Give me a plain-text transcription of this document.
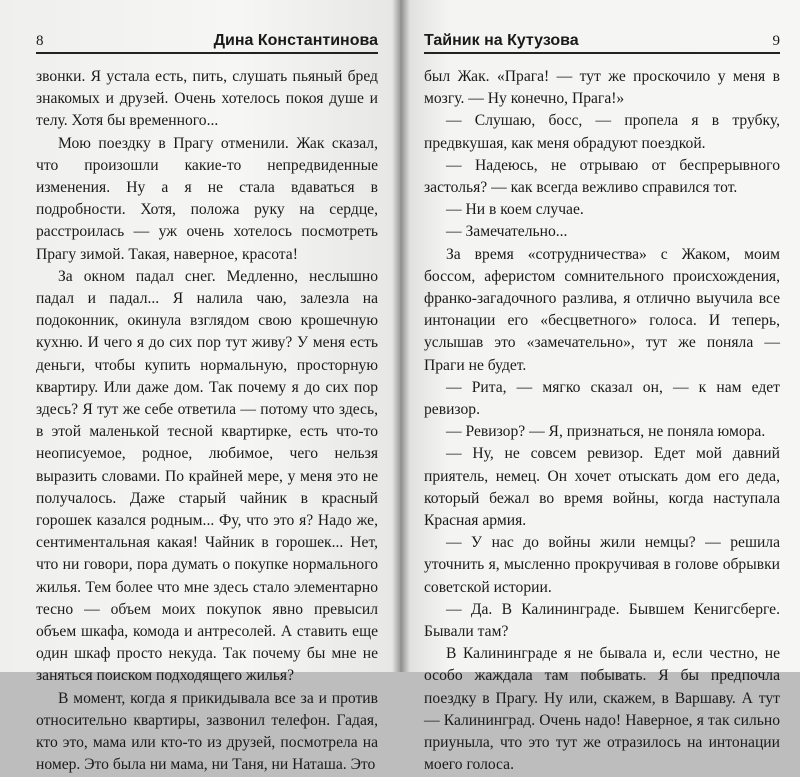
8	Дина Константинова

звонки. Я устала есть, пить, слушать пьяный бред знакомых и друзей. Очень хотелось покоя душе и телу. Хотя бы временного...

Мою поездку в Прагу отменили. Жак сказал, что произошли какие-то непредвиденные изменения. Ну а я не стала вдаваться в подробности. Хотя, положа руку на сердце, расстроилась — уж очень хотелось посмотреть Прагу зимой. Такая, наверное, красота!

За окном падал снег. Медленно, неслышно падал и падал... Я налила чаю, залезла на подоконник, окинула взглядом свою крошечную кухню. И чего я до сих пор тут живу? У меня есть деньги, чтобы купить нормальную, просторную квартиру. Или даже дом. Так почему я до сих пор здесь? Я тут же себе ответила — потому что здесь, в этой маленькой тесной квартирке, есть что-то неописуемое, родное, любимое, чего нельзя выразить словами. По крайней мере, у меня это не получалось. Даже старый чайник в красный горошек казался родным... Фу, что это я? Надо же, сентиментальная какая! Чайник в горошек... Нет, что ни говори, пора думать о покупке нормального жилья. Тем более что мне здесь стало элементарно тесно — объем моих покупок явно превысил объем шкафа, комода и антресолей. А ставить еще один шкаф просто некуда. Так почему бы мне не заняться поиском подходящего жилья?

В момент, когда я прикидывала все за и против относительно квартиры, зазвонил телефон. Гадая, кто это, мама или кто-то из друзей, посмотрела на номер. Это была ни мама, ни Таня, ни Наташа. Это

Тайник на Кутузова	9

был Жак. «Прага! — тут же проскочило у меня в мозгу. — Ну конечно, Прага!»

— Слушаю, босс, — пропела я в трубку, предвкушая, как меня обрадуют поездкой.

— Надеюсь, не отрываю от беспрерывного застолья? — как всегда вежливо справился тот.

— Ни в коем случае.

— Замечательно...

За время «сотрудничества» с Жаком, моим боссом, аферистом сомнительного происхождения, франко-загадочного разлива, я отлично выучила все интонации его «бесцветного» голоса. И теперь, услышав это «замечательно», тут же поняла — Праги не будет.

— Рита, — мягко сказал он, — к нам едет ревизор.

— Ревизор? — Я, признаться, не поняла юмора.

— Ну, не совсем ревизор. Едет мой давний приятель, немец. Он хочет отыскать дом его деда, который бежал во время войны, когда наступала Красная армия.

— У нас до войны жили немцы? — решила уточнить я, мысленно прокручивая в голове обрывки советской истории.

— Да. В Калининграде. Бывшем Кенигсберге. Бывали там?

В Калининграде я не бывала и, если честно, не особо жаждала там побывать. Я бы предпочла поездку в Прагу. Ну или, скажем, в Варшаву. А тут — Калининград. Очень надо! Наверное, я так сильно приуныла, что это тут же отразилось на интонации моего голоса.
